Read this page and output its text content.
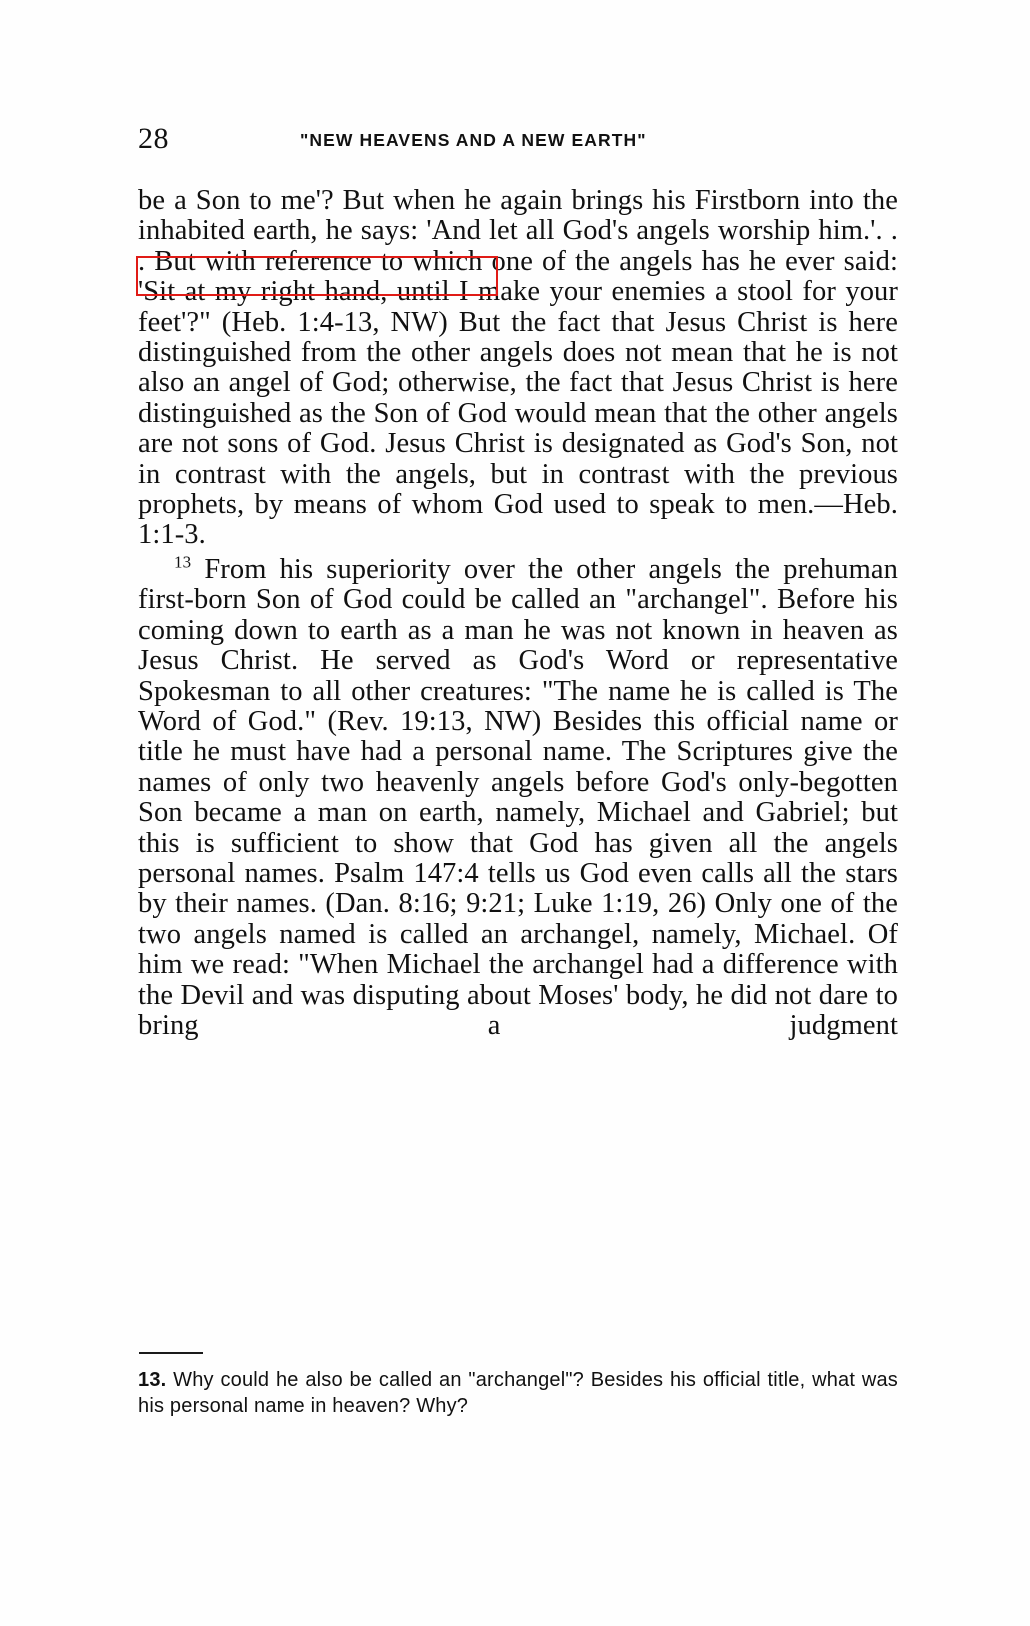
28	"NEW HEAVENS AND A NEW EARTH"

be a Son to me'? But when he again brings his Firstborn into the inhabited earth, he says: 'And let all God's angels worship him.'. . . But with reference to which one of the angels has he ever said: 'Sit at my right hand, until I make your enemies a stool for your feet'?" (Heb. 1:4-13, NW) But the fact that Jesus Christ is here distinguished from the other angels does not mean that he is not also an angel of God; otherwise, the fact that Jesus Christ is here distinguished as the Son of God would mean that the other angels are not sons of God. Jesus Christ is designated as God's Son, not in contrast with the angels, but in contrast with the previous prophets, by means of whom God used to speak to men.—Heb. 1:1-3.

$^{13}$ From his superiority over the other angels the prehuman first-born Son of God could be called an "archangel". Before his coming down to earth as a man he was not known in heaven as Jesus Christ. He served as God's Word or representative Spokesman to all other creatures: "The name he is called is The Word of God." (Rev. 19:13, NW) Besides this official name or title he must have had a personal name. The Scriptures give the names of only two heavenly angels before God's only-begotten Son became a man on earth, namely, Michael and Gabriel; but this is sufficient to show that God has given all the angels personal names. Psalm 147:4 tells us God even calls all the stars by their names. (Dan. 8:16; 9:21; Luke 1:19, 26) Only one of the two angels named is called an archangel, namely, Michael. Of him we read: "When Michael the archangel had a difference with the Devil and was disputing about Moses' body, he did not dare to bring a judgment

13. Why could he also be called an "archangel"? Besides his official title, what was his personal name in heaven? Why?
